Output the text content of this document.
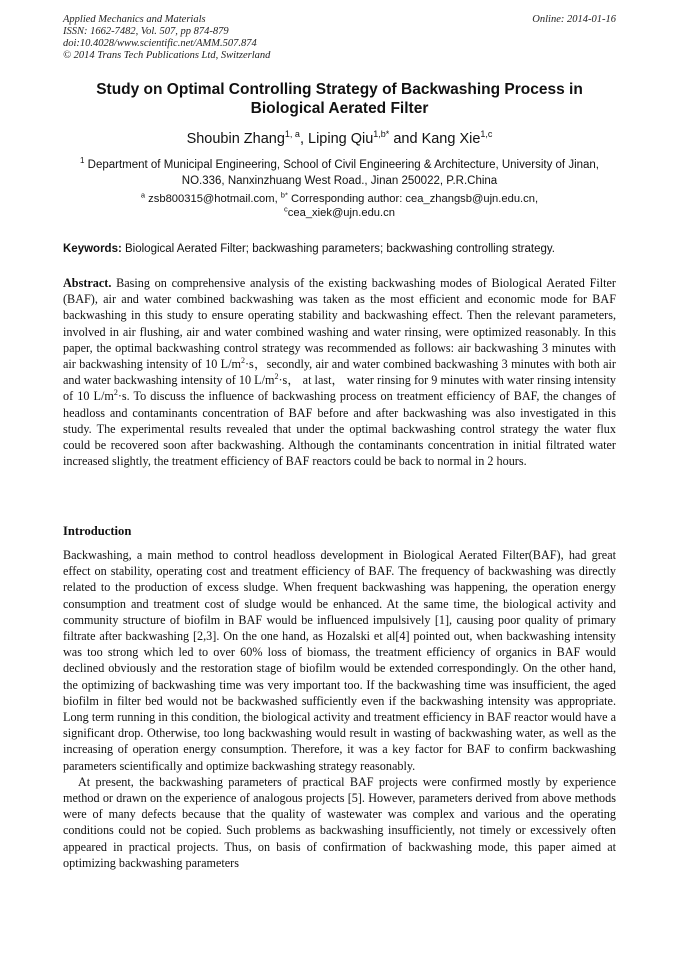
Applied Mechanics and Materials
ISSN: 1662-7482, Vol. 507, pp 874-879
doi:10.4028/www.scientific.net/AMM.507.874
© 2014 Trans Tech Publications Ltd, Switzerland
Online: 2014-01-16
Study on Optimal Controlling Strategy of Backwashing Process in Biological Aerated Filter
Shoubin Zhang$^{1, a}$, Liping Qiu$^{1,b*}$ and Kang Xie$^{1,c}$
$^1$ Department of Municipal Engineering, School of Civil Engineering & Architecture, University of Jinan, NO.336, Nanxinzhuang West Road., Jinan 250022, P.R.China
$^a$ zsb800315@hotmail.com, $^{b*}$ Corresponding author: cea_zhangsb@ujn.edu.cn,
$^c$cea_xiek@ujn.edu.cn
Keywords: Biological Aerated Filter; backwashing parameters; backwashing controlling strategy.
Abstract. Basing on comprehensive analysis of the existing backwashing modes of Biological Aerated Filter (BAF), air and water combined backwashing was taken as the most efficient and economic mode for BAF backwashing in this study to ensure operating stability and backwashing effect. Then the relevant parameters, involved in air flushing, air and water combined washing and water rinsing, were optimized reasonably. In this paper, the optimal backwashing control strategy was recommended as follows: air backwashing 3 minutes with air backwashing intensity of 10 $L/m^2\cdot s$，secondly, air and water combined backwashing 3 minutes with both air and water backwashing intensity of 10 $L/m^2\cdot s$， at last， water rinsing for 9 minutes with water rinsing intensity of 10 $L/m^2\cdot s$. To discuss the influence of backwashing process on treatment efficiency of BAF, the changes of headloss and contaminants concentration of BAF before and after backwashing was also investigated in this study. The experimental results revealed that under the optimal backwashing control strategy the water flux could be recovered soon after backwashing. Although the contaminants concentration in initial filtrated water increased slightly, the treatment efficiency of BAF reactors could be back to normal in 2 hours.
Introduction

Backwashing, a main method to control headloss development in Biological Aerated Filter(BAF), had great effect on stability, operating cost and treatment efficiency of BAF. The frequency of backwashing was directly related to the production of excess sludge. When frequent backwashing was happening, the operation energy consumption and treatment cost of sludge would be enhanced. At the same time, the biological activity and community structure of biofilm in BAF would be influenced impulsively [1], causing poor quality of primary filtrate after backwashing [2,3]. On the one hand, as Hozalski et al[4] pointed out, when backwashing intensity was too strong which led to over 60% loss of biomass, the treatment efficiency of organics in BAF would declined obviously and the restoration stage of biofilm would be extended correspondingly. On the other hand, the optimizing of backwashing time was very important too. If the backwashing time was insufficient, the aged biofilm in filter bed would not be backwashed sufficiently even if the backwashing intensity was appropriate. Long term running in this condition, the biological activity and treatment efficiency in BAF reactor would have a significant drop. Otherwise, too long backwashing would result in wasting of backwashing water, as well as the increasing of operation energy consumption. Therefore, it was a key factor for BAF to confirm backwashing parameters scientifically and optimize backwashing strategy reasonably.

At present, the backwashing parameters of practical BAF projects were confirmed mostly by experience method or drawn on the experience of analogous projects [5]. However, parameters derived from above methods were of many defects because that the quality of wastewater was complex and various and the operating conditions could not be copied. Such problems as backwashing insufficiently, not timely or excessively often appeared in practical projects. Thus, on basis of confirmation of backwashing mode, this paper aimed at optimizing backwashing parameters
